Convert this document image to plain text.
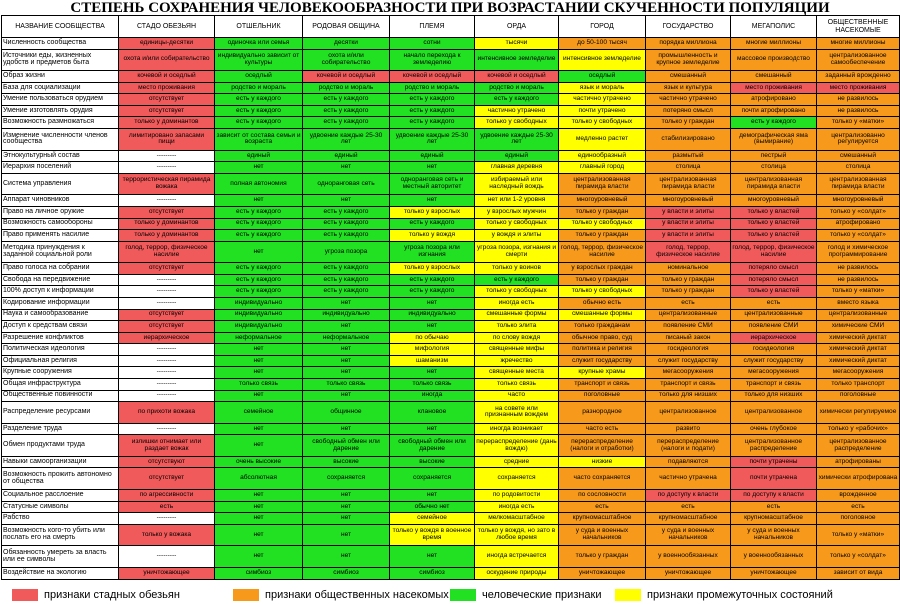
СТЕПЕНЬ СОХРАНЕНИЯ ЧЕЛОВЕКООБРАЗНОСТИ ПРИ ВОЗРАСТАНИИ СКУЧЕННОСТИ ПОПУЛЯЦИИ
НАЗВАНИЕ СООБЩЕСТВА	СТАДО ОБЕЗЬЯН	ОТШЕЛЬНИК	РОДОВАЯ ОБЩИНА	ПЛЕМЯ	ОРДА	ГОРОД	ГОСУДАРСТВО	МЕГАПОЛИС	ОБЩЕСТВЕННЫЕ НАСЕКОМЫЕ
Численность сообщества	единицы-десятки	одиночка или семья	десятки	сотни	тысячи	до 50-100 тысяч	порядка миллиона	многие миллионы	многие миллионы
Источники еды, жизненных удобств и предметов быта	охота и/или собирательство	индивидуально зависит от культуры	охота и/или собирательство	начало перехода к земледелию	интенсивное земледелие	интенсивное земледелие	промышленность и крупное земледелие	массовое производство	централизованное самообеспечение
Образ жизни	кочевой и оседлый	оседлый	кочевой и оседлый	кочевой и оседлый	кочевой и оседлый	оседлый	смешанный	смешанный	заданный врожденно
База для социализации	место проживания	родство и мораль	родство и мораль	родство и мораль	родство и мораль	язык и мораль	язык и культура	место проживания	место проживания
Умение пользоваться орудием	отсутствует	есть у каждого	есть у каждого	есть у каждого	есть у каждого	частично утрачено	частично утрачено	атрофировано	не развилось
Умение изготовлять орудия	отсутствует	есть у каждого	есть у каждого	есть у каждого	частично утрачено	почти утрачено	потеряно смысл	почти атрофировано	не развилось
Возможность размножаться	только у доминантов	есть у каждого	есть у каждого	есть у каждого	только у свободных	только у свободных	только у граждан	есть у каждого	только у «матки»
Изменение численности членов сообщества	лимитировано запасами пищи	зависит от состава семьи и возраста	удвоение каждые 25-30 лет	удвоение каждые 25-30 лет	удвоение каждые 25-30 лет	медленно растет	стабилизировано	демографическая яма (вымирание)	централизованно регулируется
Этнокультурный состав	---------	единый	единый	единый	единый	единообразный	размытый	пестрый	смешанный
Иерархия поселений	---------	нет	нет	нет	главная деревня	главный город	столица	столица	столица
Система управления	террористическая пирамида вожака	полная автономия	одноранговая сеть	одноранговая сеть и местный авторитет	избираемый или наследный вождь	централизованная пирамида власти	централизованная пирамида власти	централизованная пирамида власти	централизованная пирамида власти
Аппарат чиновников	---------	нет	нет	нет	нет или 1-2 уровня	многоуровневый	многоуровневый	многоуровневый	многоуровневый
Право на личное оружие	отсутствует	есть у каждого	есть у каждого	только у взрослых	у взрослых мужчин	только у граждан	у власти и элиты	только у властей	только у «солдат»
Возможность самообороны	только у доминантов	есть у каждого	есть у каждого	есть у каждого	только у свободных	только у свободных	у власти и элиты	только у властей	атрофировано
Право применять насилие	только у доминантов	есть у каждого	есть у каждого	только у вождя	у вождя и элиты	только у граждан	у власти и элиты	только у властей	только у «солдат»
Методика принуждения к заданной социальной роли	голод, террор, физическое насилие	нет	угроза позора	угроза позора или изгнания	угроза позора, изгнания и смерти	голод, террор, физическое насилие	голод, террор, физическое насилие	голод, террор, физическое насилие	голод и химическое программирование
Право голоса на собрании	отсутствует	есть у каждого	есть у каждого	только у взрослых	только у воинов	у взрослых граждан	номинальное	потеряло смысл	не развилось
Свобода на передвижение	---------	есть у каждого	есть у каждого	есть у каждого	есть у каждого	только у граждан	только у граждан	потеряло смысл	не развилось
100% доступ к информации	---------	есть у каждого	есть у каждого	есть у каждого	только у свободных	только у свободных	только у граждан	только у властей	только у «матки»
Кодирование информации	---------	индивидуально	нет	нет	иногда есть	обычно есть	есть	есть	вместо языка
Наука и самообразование	отсутствует	индивидуально	индивидуально	индивидуально	смешанные формы	смешанные формы	централизованные	централизованные	централизованные
Доступ к средствам связи	отсутствует	индивидуально	нет	нет	только элита	только гражданам	появление СМИ	появление СМИ	химические СМИ
Разрешение конфликтов	иерархическое	неформальное	неформальное	по обычаю	по слову вождя	обычное право, суд	писаный закон	иерархическое	химический диктат
Политическая идеология	---------	нет	нет	мифология	священные мифы	политика и религия	госидеология	госидеология	химический диктат
Официальная религия	---------	нет	нет	шаманизм	жречество	служит государству	служит государству	служит государству	химический диктат
Крупные сооружения	---------	нет	нет	нет	священные места	крупные храмы	мегасооружения	мегасооружения	мегасооружения
Общая инфраструктура	---------	только связь	только связь	только связь	только связь	транспорт и связь	транспорт и связь	транспорт и связь	только транспорт
Общественные повинности	---------	нет	нет	иногда	часто	поголовные	только для низших	только для низших	поголовные
Распределение ресурсами	по прихоти вожака	семейное	общинное	клановое	на совете или признанным вождем	разнородное	централизованное	централизованное	химически регулируемое
Разделение труда	---------	нет	нет	нет	иногда возникает	часто есть	развито	очень глубокое	только у «рабочих»
Обмен продуктами труда	излишки отнимает или раздает вожак	нет	свободный обмен или дарение	свободный обмен или дарение	перераспределение (дань вождю)	перераспределение (налоги и отработки)	перераспределение (налоги и подати)	централизованное распределение	централизованное распределение
Навыки самоорганизации	отсутствуют	очень высокие	высокие	высокие	средние	низкие	подавляются	почти утрачены	атрофированы
Возможность прожить автономно от общества	отсутствует	абсолютная	сохраняется	сохраняется	сохраняется	часто сохраняется	частично утрачена	почти утрачена	химически атрофирована
Социальное расслоение	по агрессивности	нет	нет	нет	по родовитости	по сословности	по доступу к власти	по доступу к власти	врожденное
Статусные символы	есть	нет	нет	обычно нет	иногда есть	есть	есть	есть	есть
Рабство	---------	нет	нет	семейное	мелкомасштабное	крупномасштабное	крупномасштабное	крупномасштабное	поголовное
Возможность кого-то убить или послать его на смерть	только у вожака	нет	нет	только у вождя в военное время	только у вождя, но зато в любое время	у суда и военных начальников	у суда и военных начальников	у суда и военных начальников	только у «матки»
Обязанность умереть за власть или ее символы	---------	нет	нет	нет	иногда встречается	только у граждан	у военнообязанных	у военнообязанных	только у «солдат»
Воздействие на экологию	уничтожающее	симбиоз	симбиоз	симбиоз	оскудение природы	уничтожающее	уничтожающее	уничтожающее	зависит от вида
признаки стадных обезьян	признаки общественных насекомых	человеческие признаки	признаки промежуточных состояний
